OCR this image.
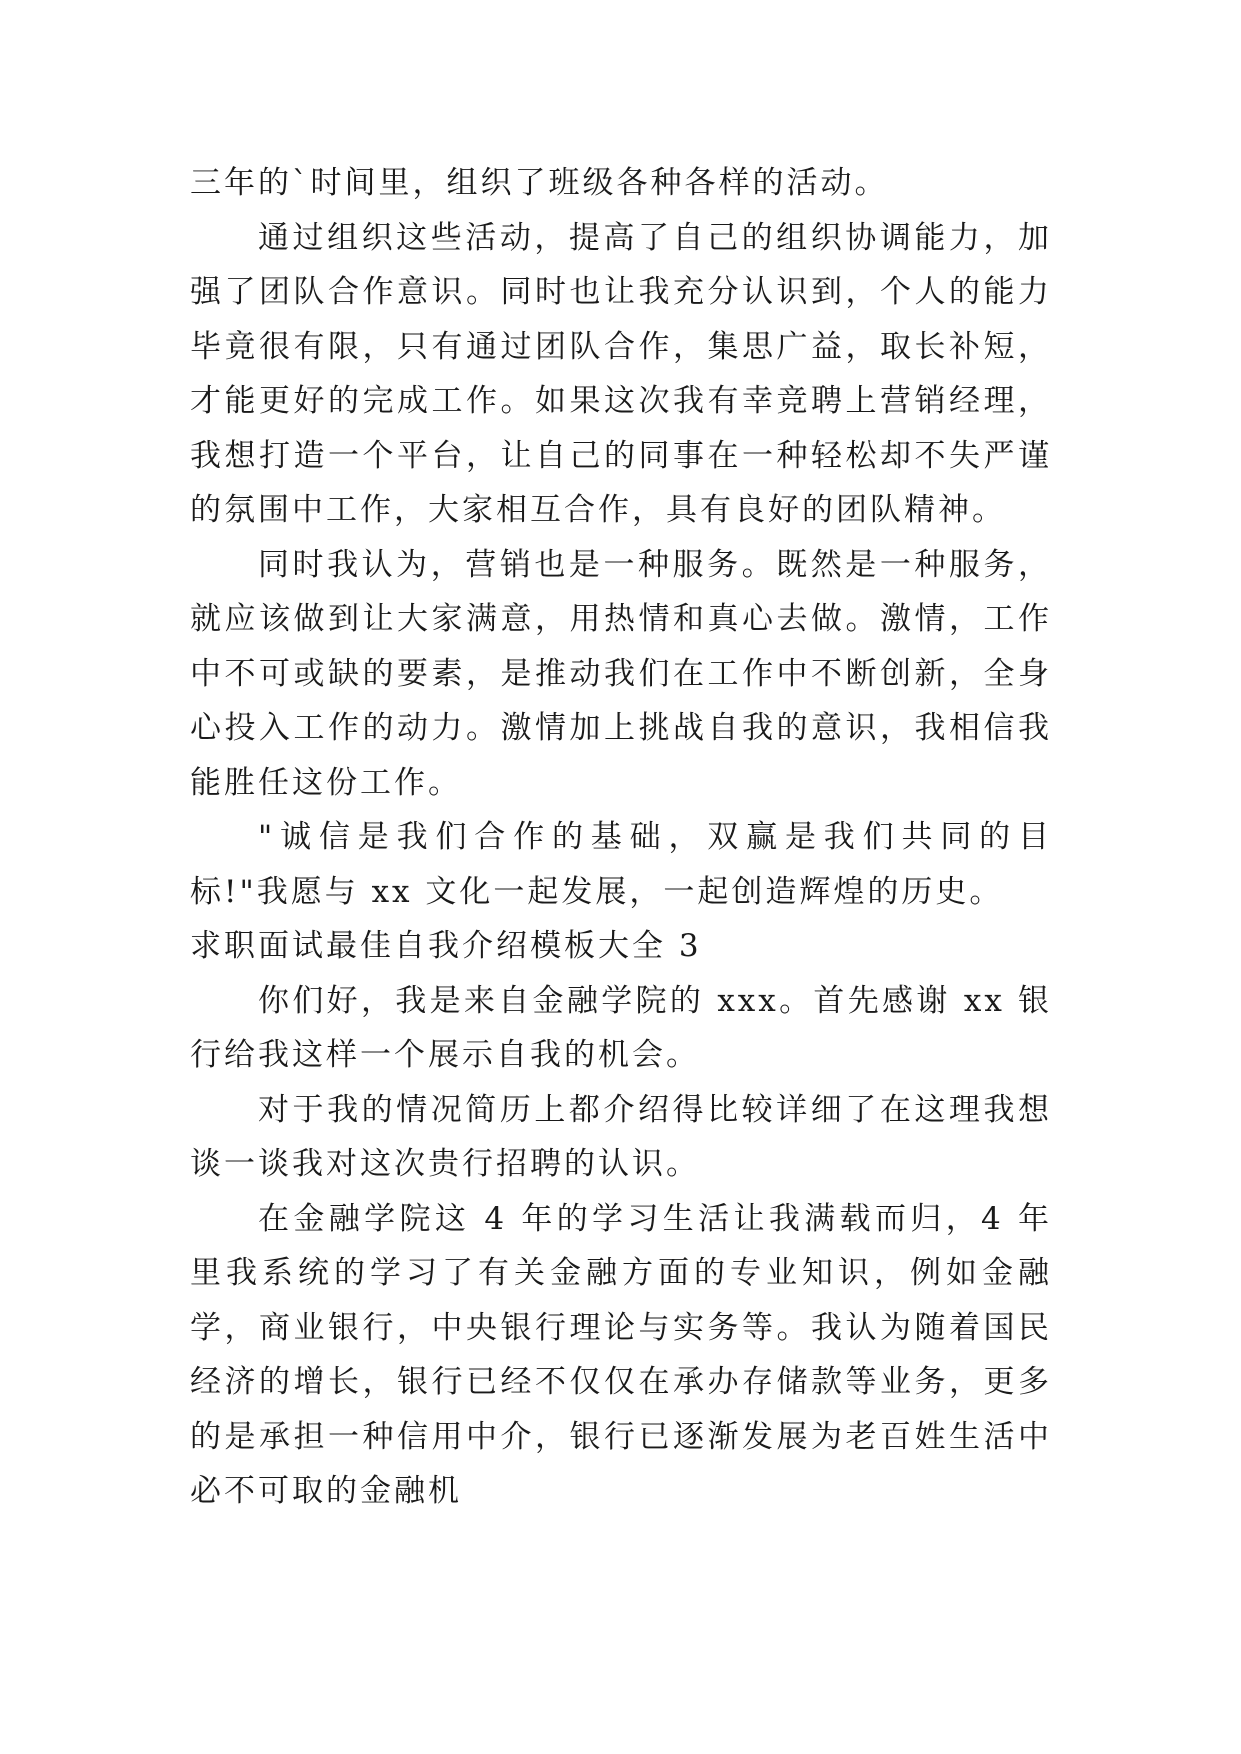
三年的`时间里，组织了班级各种各样的活动。

通过组织这些活动，提高了自己的组织协调能力，加强了团队合作意识。同时也让我充分认识到，个人的能力毕竟很有限，只有通过团队合作，集思广益，取长补短，才能更好的完成工作。如果这次我有幸竞聘上营销经理，我想打造一个平台，让自己的同事在一种轻松却不失严谨的氛围中工作，大家相互合作，具有良好的团队精神。

同时我认为，营销也是一种服务。既然是一种服务，就应该做到让大家满意，用热情和真心去做。激情，工作中不可或缺的要素，是推动我们在工作中不断创新，全身心投入工作的动力。激情加上挑战自我的意识，我相信我能胜任这份工作。

"诚信是我们合作的基础，双赢是我们共同的目标!"我愿与 xx 文化一起发展，一起创造辉煌的历史。

求职面试最佳自我介绍模板大全 3

你们好，我是来自金融学院的 xxx。首先感谢 xx 银行给我这样一个展示自我的机会。

对于我的情况简历上都介绍得比较详细了在这理我想谈一谈我对这次贵行招聘的认识。

在金融学院这 4 年的学习生活让我满载而归，4 年里我系统的学习了有关金融方面的专业知识，例如金融学，商业银行，中央银行理论与实务等。我认为随着国民经济的增长，银行已经不仅仅在承办存储款等业务，更多的是承担一种信用中介，银行已逐渐发展为老百姓生活中必不可取的金融机
